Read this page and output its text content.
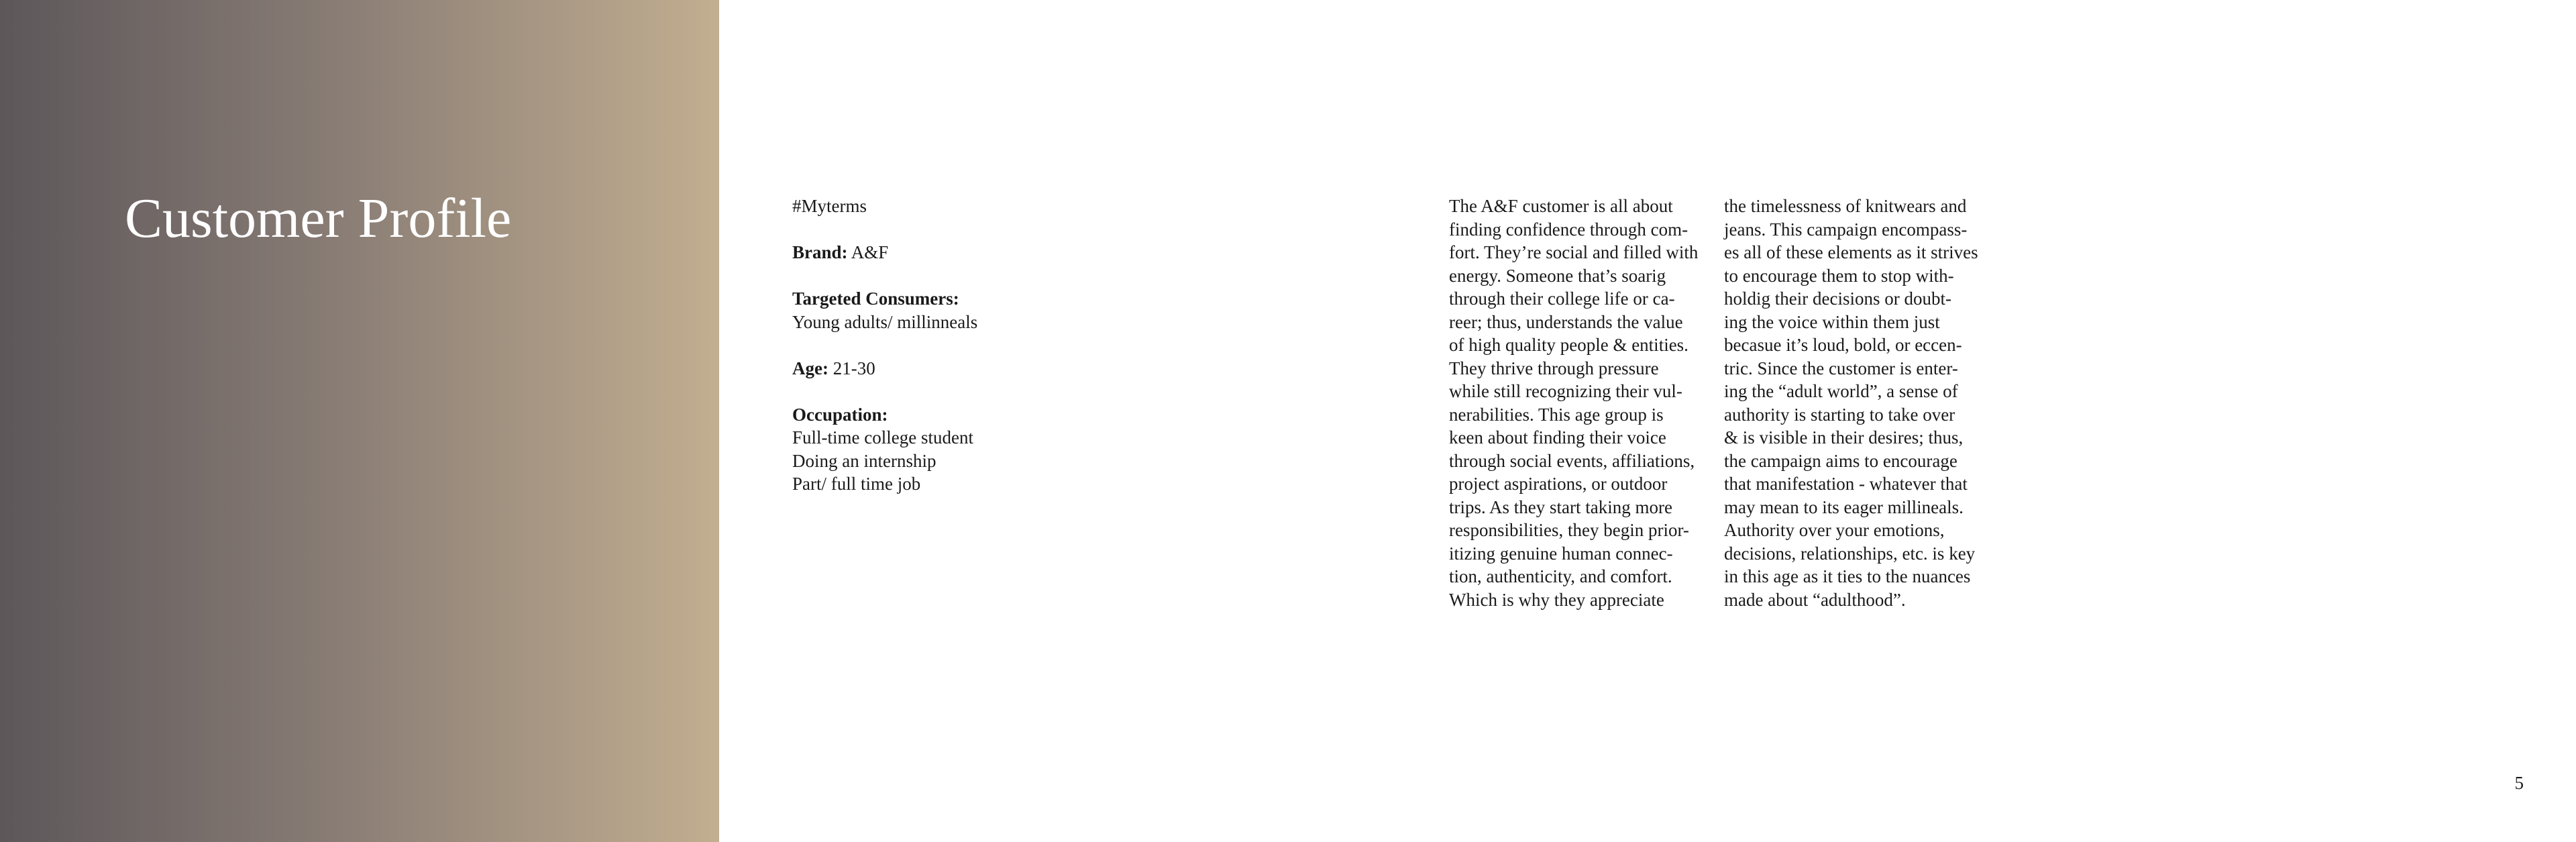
Customer Profile	#Myterms

Brand: A&F

Targeted Consumers:
Young adults/ millinneals

Age: 21-30

Occupation:
Full-time college student
Doing an internship
Part/ full time job

The A&F customer is all about
finding confidence through com-
fort. They’re social and filled with
energy. Someone that’s soarig
through their college life or ca-
reer; thus, understands the value
of high quality people & entities.
They thrive through pressure
while still recognizing their vul-
nerabilities. This age group is
keen about finding their voice
through social events, affiliations,
project aspirations, or outdoor
trips. As they start taking more
responsibilities, they begin prior-
itizing genuine human connec-
tion, authenticity, and comfort.
Which is why they appreciate
the timelessness of knitwears and
jeans. This campaign encompass-
es all of these elements as it strives
to encourage them to stop with-
holdig their decisions or doubt-
ing the voice within them just
becasue it’s loud, bold, or eccen-
tric. Since the customer is enter-
ing the “adult world”, a sense of
authority is starting to take over
& is visible in their desires; thus,
the campaign aims to encourage
that manifestation - whatever that
may mean to its eager millineals.
Authority over your emotions,
decisions, relationships, etc. is key
in this age as it ties to the nuances
made about “adulthood”.
5
